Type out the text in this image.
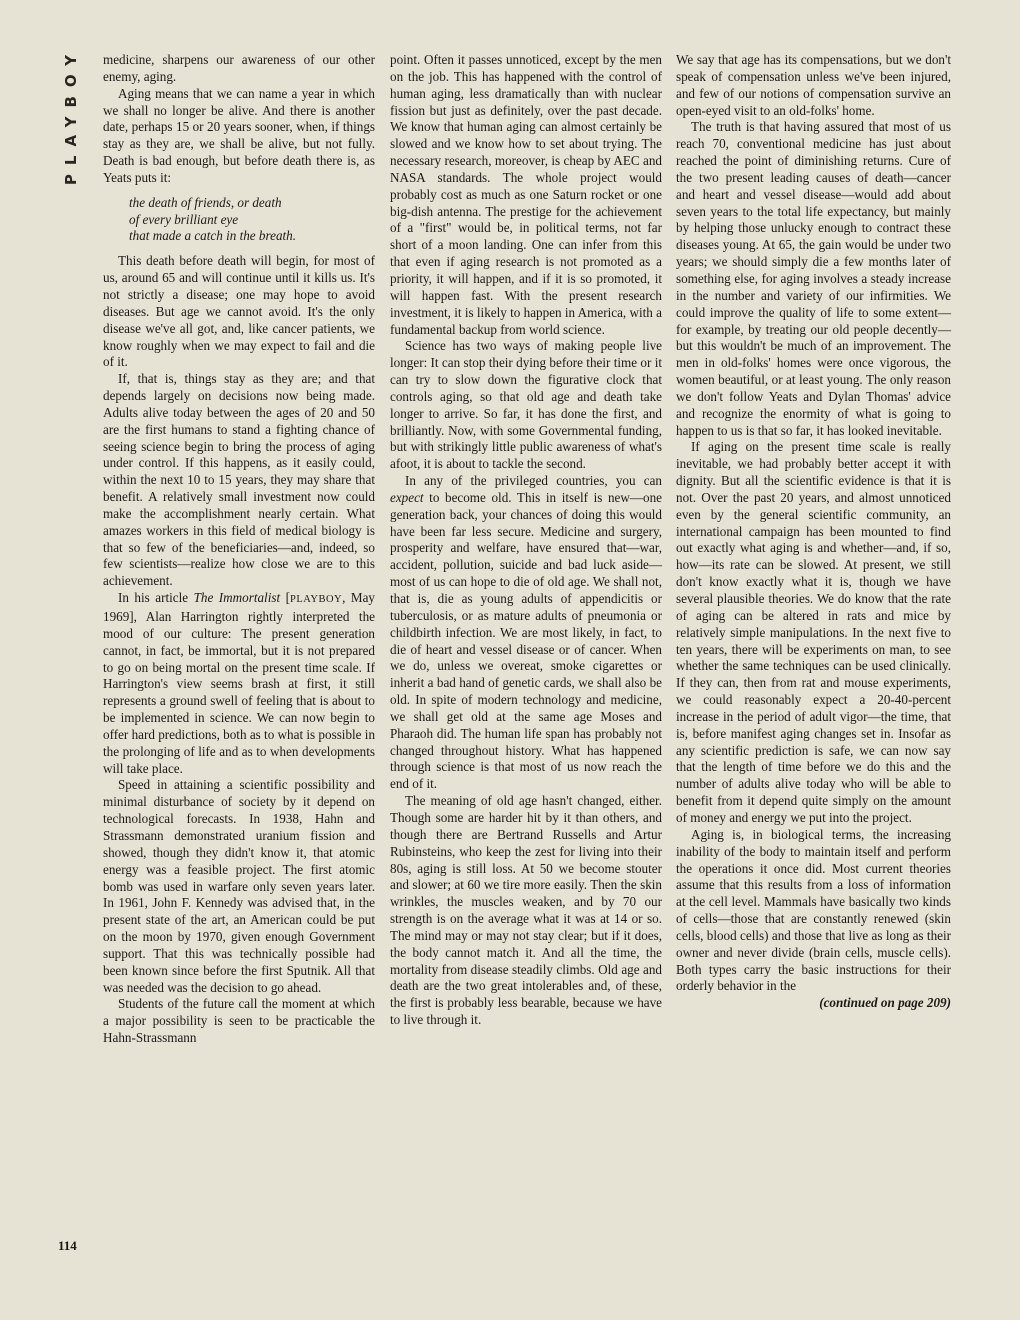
PLAYBOY	medicine, sharpens our awareness of our other enemy, aging.

Aging means that we can name a year in which we shall no longer be alive. And there is another date, perhaps 15 or 20 years sooner, when, if things stay as they are, we shall be alive, but not fully. Death is bad enough, but before death there is, as Yeats puts it:

the death of friends, or death
of every brilliant eye
that made a catch in the breath.

This death before death will begin, for most of us, around 65 and will continue until it kills us. It's not strictly a disease; one may hope to avoid diseases. But age we cannot avoid. It's the only disease we've all got, and, like cancer patients, we know roughly when we may expect to fail and die of it.

If, that is, things stay as they are; and that depends largely on decisions now being made. Adults alive today between the ages of 20 and 50 are the first humans to stand a fighting chance of seeing science begin to bring the process of aging under control. If this happens, as it easily could, within the next 10 to 15 years, they may share that benefit. A relatively small investment now could make the accomplishment nearly certain. What amazes workers in this field of medical biology is that so few of the beneficiaries—and, indeed, so few scientists—realize how close we are to this achievement.

In his article The Immortalist [PLAYBOY, May 1969], Alan Harrington rightly interpreted the mood of our culture: The present generation cannot, in fact, be immortal, but it is not prepared to go on being mortal on the present time scale. If Harrington's view seems brash at first, it still represents a ground swell of feeling that is about to be implemented in science. We can now begin to offer hard predictions, both as to what is possible in the prolonging of life and as to when developments will take place.

Speed in attaining a scientific possibility and minimal disturbance of society by it depend on technological forecasts. In 1938, Hahn and Strassmann demonstrated uranium fission and showed, though they didn't know it, that atomic energy was a feasible project. The first atomic bomb was used in warfare only seven years later. In 1961, John F. Kennedy was advised that, in the present state of the art, an American could be put on the moon by 1970, given enough Government support. That this was technically possible had been known since before the first Sputnik. All that was needed was the decision to go ahead.

Students of the future call the moment at which a major possibility is seen to be practicable the Hahn-Strassmann

point. Often it passes unnoticed, except by the men on the job. This has happened with the control of human aging, less dramatically than with nuclear fission but just as definitely, over the past decade. We know that human aging can almost certainly be slowed and we know how to set about trying. The necessary research, moreover, is cheap by AEC and NASA standards. The whole project would probably cost as much as one Saturn rocket or one big-dish antenna. The prestige for the achievement of a "first" would be, in political terms, not far short of a moon landing. One can infer from this that even if aging research is not promoted as a priority, it will happen, and if it is so promoted, it will happen fast. With the present research investment, it is likely to happen in America, with a fundamental backup from world science.

Science has two ways of making people live longer: It can stop their dying before their time or it can try to slow down the figurative clock that controls aging, so that old age and death take longer to arrive. So far, it has done the first, and brilliantly. Now, with some Governmental funding, but with strikingly little public awareness of what's afoot, it is about to tackle the second.

In any of the privileged countries, you can expect to become old. This in itself is new—one generation back, your chances of doing this would have been far less secure. Medicine and surgery, prosperity and welfare, have ensured that—war, accident, pollution, suicide and bad luck aside—most of us can hope to die of old age. We shall not, that is, die as young adults of appendicitis or tuberculosis, or as mature adults of pneumonia or childbirth infection. We are most likely, in fact, to die of heart and vessel disease or of cancer. When we do, unless we overeat, smoke cigarettes or inherit a bad hand of genetic cards, we shall also be old. In spite of modern technology and medicine, we shall get old at the same age Moses and Pharaoh did. The human life span has probably not changed throughout history. What has happened through science is that most of us now reach the end of it.

The meaning of old age hasn't changed, either. Though some are harder hit by it than others, and though there are Bertrand Russells and Artur Rubinsteins, who keep the zest for living into their 80s, aging is still loss. At 50 we become stouter and slower; at 60 we tire more easily. Then the skin wrinkles, the muscles weaken, and by 70 our strength is on the average what it was at 14 or so. The mind may or may not stay clear; but if it does, the body cannot match it. And all the time, the mortality from disease steadily climbs. Old age and death are the two great intolerables and, of these, the first is probably less bearable, because we have to live through it.

We say that age has its compensations, but we don't speak of compensation unless we've been injured, and few of our notions of compensation survive an open-eyed visit to an old-folks' home.

The truth is that having assured that most of us reach 70, conventional medicine has just about reached the point of diminishing returns. Cure of the two present leading causes of death—cancer and heart and vessel disease—would add about seven years to the total life expectancy, but mainly by helping those unlucky enough to contract these diseases young. At 65, the gain would be under two years; we should simply die a few months later of something else, for aging involves a steady increase in the number and variety of our infirmities. We could improve the quality of life to some extent—for example, by treating our old people decently—but this wouldn't be much of an improvement. The men in old-folks' homes were once vigorous, the women beautiful, or at least young. The only reason we don't follow Yeats and Dylan Thomas' advice and recognize the enormity of what is going to happen to us is that so far, it has looked inevitable.

If aging on the present time scale is really inevitable, we had probably better accept it with dignity. But all the scientific evidence is that it is not. Over the past 20 years, and almost unnoticed even by the general scientific community, an international campaign has been mounted to find out exactly what aging is and whether—and, if so, how—its rate can be slowed. At present, we still don't know exactly what it is, though we have several plausible theories. We do know that the rate of aging can be altered in rats and mice by relatively simple manipulations. In the next five to ten years, there will be experiments on man, to see whether the same techniques can be used clinically. If they can, then from rat and mouse experiments, we could reasonably expect a 20-40-percent increase in the period of adult vigor—the time, that is, before manifest aging changes set in. Insofar as any scientific prediction is safe, we can now say that the length of time before we do this and the number of adults alive today who will be able to benefit from it depend quite simply on the amount of money and energy we put into the project.

Aging is, in biological terms, the increasing inability of the body to maintain itself and perform the operations it once did. Most current theories assume that this results from a loss of information at the cell level. Mammals have basically two kinds of cells—those that are constantly renewed (skin cells, blood cells) and those that live as long as their owner and never divide (brain cells, muscle cells). Both types carry the basic instructions for their orderly behavior in the

(continued on page 209)

114
